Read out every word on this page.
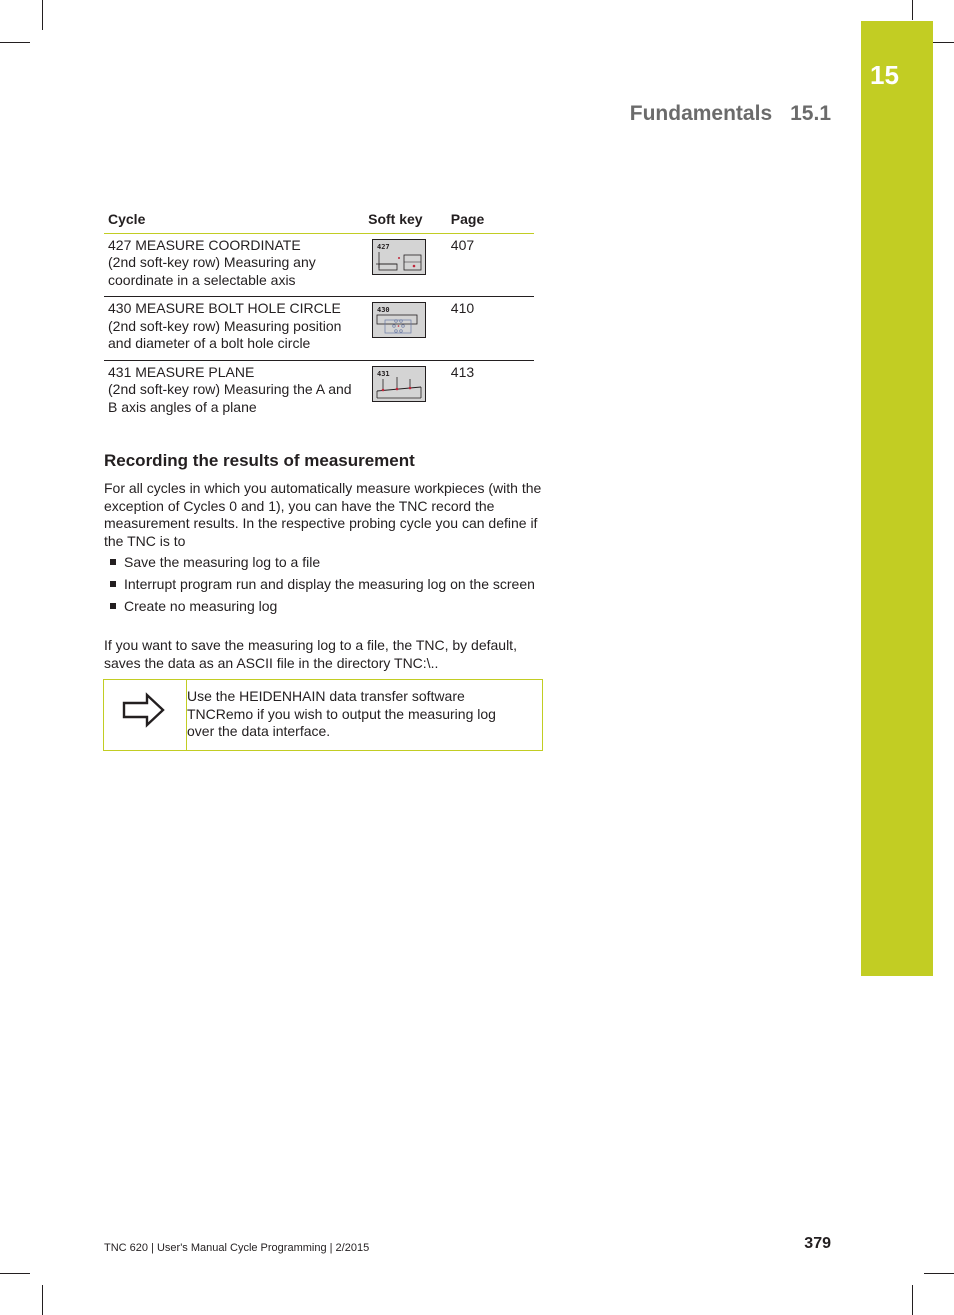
15
Fundamentals 15.1
Cycle	Soft key	Page

427 MEASURE COORDINATE
(2nd soft-key row) Measuring any coordinate in a selectable axis	427	407

430 MEASURE BOLT HOLE CIRCLE
(2nd soft-key row) Measuring position and diameter of a bolt hole circle	430	410

431 MEASURE PLANE
(2nd soft-key row) Measuring the A and B axis angles of a plane	431	413
Recording the results of measurement

For all cycles in which you automatically measure workpieces (with the exception of Cycles 0 and 1), you can have the TNC record the measurement results. In the respective probing cycle you can define if the TNC is to

Save the measuring log to a file
Interrupt program run and display the measuring log on the screen
Create no measuring log

If you want to save the measuring log to a file, the TNC, by default, saves the data as an ASCII file in the directory TNC:\..

Use the HEIDENHAIN data transfer software TNCRemo if you wish to output the measuring log over the data interface.

TNC 620 | User's Manual Cycle Programming | 2/2015	379
